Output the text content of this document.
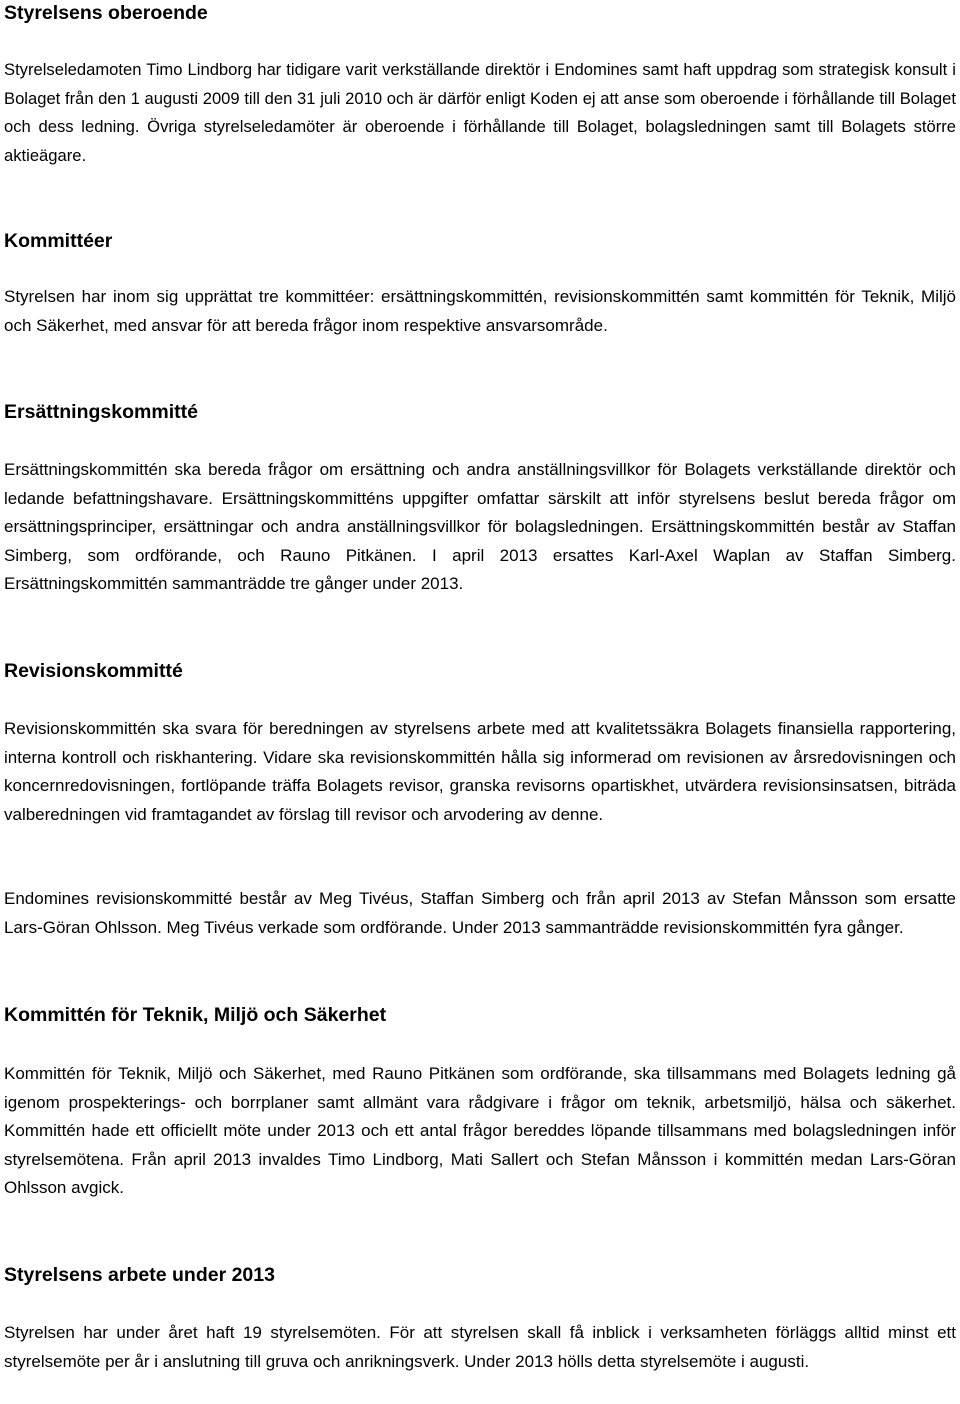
Styrelsens oberoende

Styrelseledamoten Timo Lindborg har tidigare varit verkställande direktör i Endomines samt haft uppdrag som strategisk konsult i Bolaget från den 1 augusti 2009 till den 31 juli 2010 och är därför enligt Koden ej att anse som oberoende i förhållande till Bolaget och dess ledning. Övriga styrelseledamöter är oberoende i förhållande till Bolaget, bolagsledningen samt till Bolagets större aktieägare.

Kommittéer

Styrelsen har inom sig upprättat tre kommittéer: ersättningskommittén, revisionskommittén samt kommittén för Teknik, Miljö och Säkerhet, med ansvar för att bereda frågor inom respektive ansvarsområde.

Ersättningskommitté

Ersättningskommittén ska bereda frågor om ersättning och andra anställningsvillkor för Bolagets verkställande direktör och ledande befattningshavare. Ersättningskommitténs uppgifter omfattar särskilt att inför styrelsens beslut bereda frågor om ersättningsprinciper, ersättningar och andra anställningsvillkor för bolagsledningen. Ersättningskommittén består av Staffan Simberg, som ordförande, och Rauno Pitkänen. I april 2013 ersattes Karl-Axel Waplan av Staffan Simberg. Ersättningskommittén sammanträdde tre gånger under 2013.

Revisionskommitté

Revisionskommittén ska svara för beredningen av styrelsens arbete med att kvalitetssäkra Bolagets finansiella rapportering, interna kontroll och riskhantering. Vidare ska revisionskommittén hålla sig informerad om revisionen av årsredovisningen och koncernredovisningen, fortlöpande träffa Bolagets revisor, granska revisorns opartiskhet, utvärdera revisionsinsatsen, biträda valberedningen vid framtagandet av förslag till revisor och arvodering av denne.

Endomines revisionskommitté består av Meg Tivéus, Staffan Simberg och från april 2013 av Stefan Månsson som ersatte Lars-Göran Ohlsson. Meg Tivéus verkade som ordförande. Under 2013 sammanträdde revisionskommittén fyra gånger.

Kommittén för Teknik, Miljö och Säkerhet

Kommittén för Teknik, Miljö och Säkerhet, med Rauno Pitkänen som ordförande, ska tillsammans med Bolagets ledning gå igenom prospekterings- och borrplaner samt allmänt vara rådgivare i frågor om teknik, arbetsmiljö, hälsa och säkerhet. Kommittén hade ett officiellt möte under 2013 och ett antal frågor bereddes löpande tillsammans med bolagsledningen inför styrelsemötena. Från april 2013 invaldes Timo Lindborg, Mati Sallert och Stefan Månsson i kommittén medan Lars-Göran Ohlsson avgick.

Styrelsens arbete under 2013

Styrelsen har under året haft 19 styrelsemöten. För att styrelsen skall få inblick i verksamheten förläggs alltid minst ett styrelsemöte per år i anslutning till gruva och anrikningsverk. Under 2013 hölls detta styrelsemöte i augusti.
